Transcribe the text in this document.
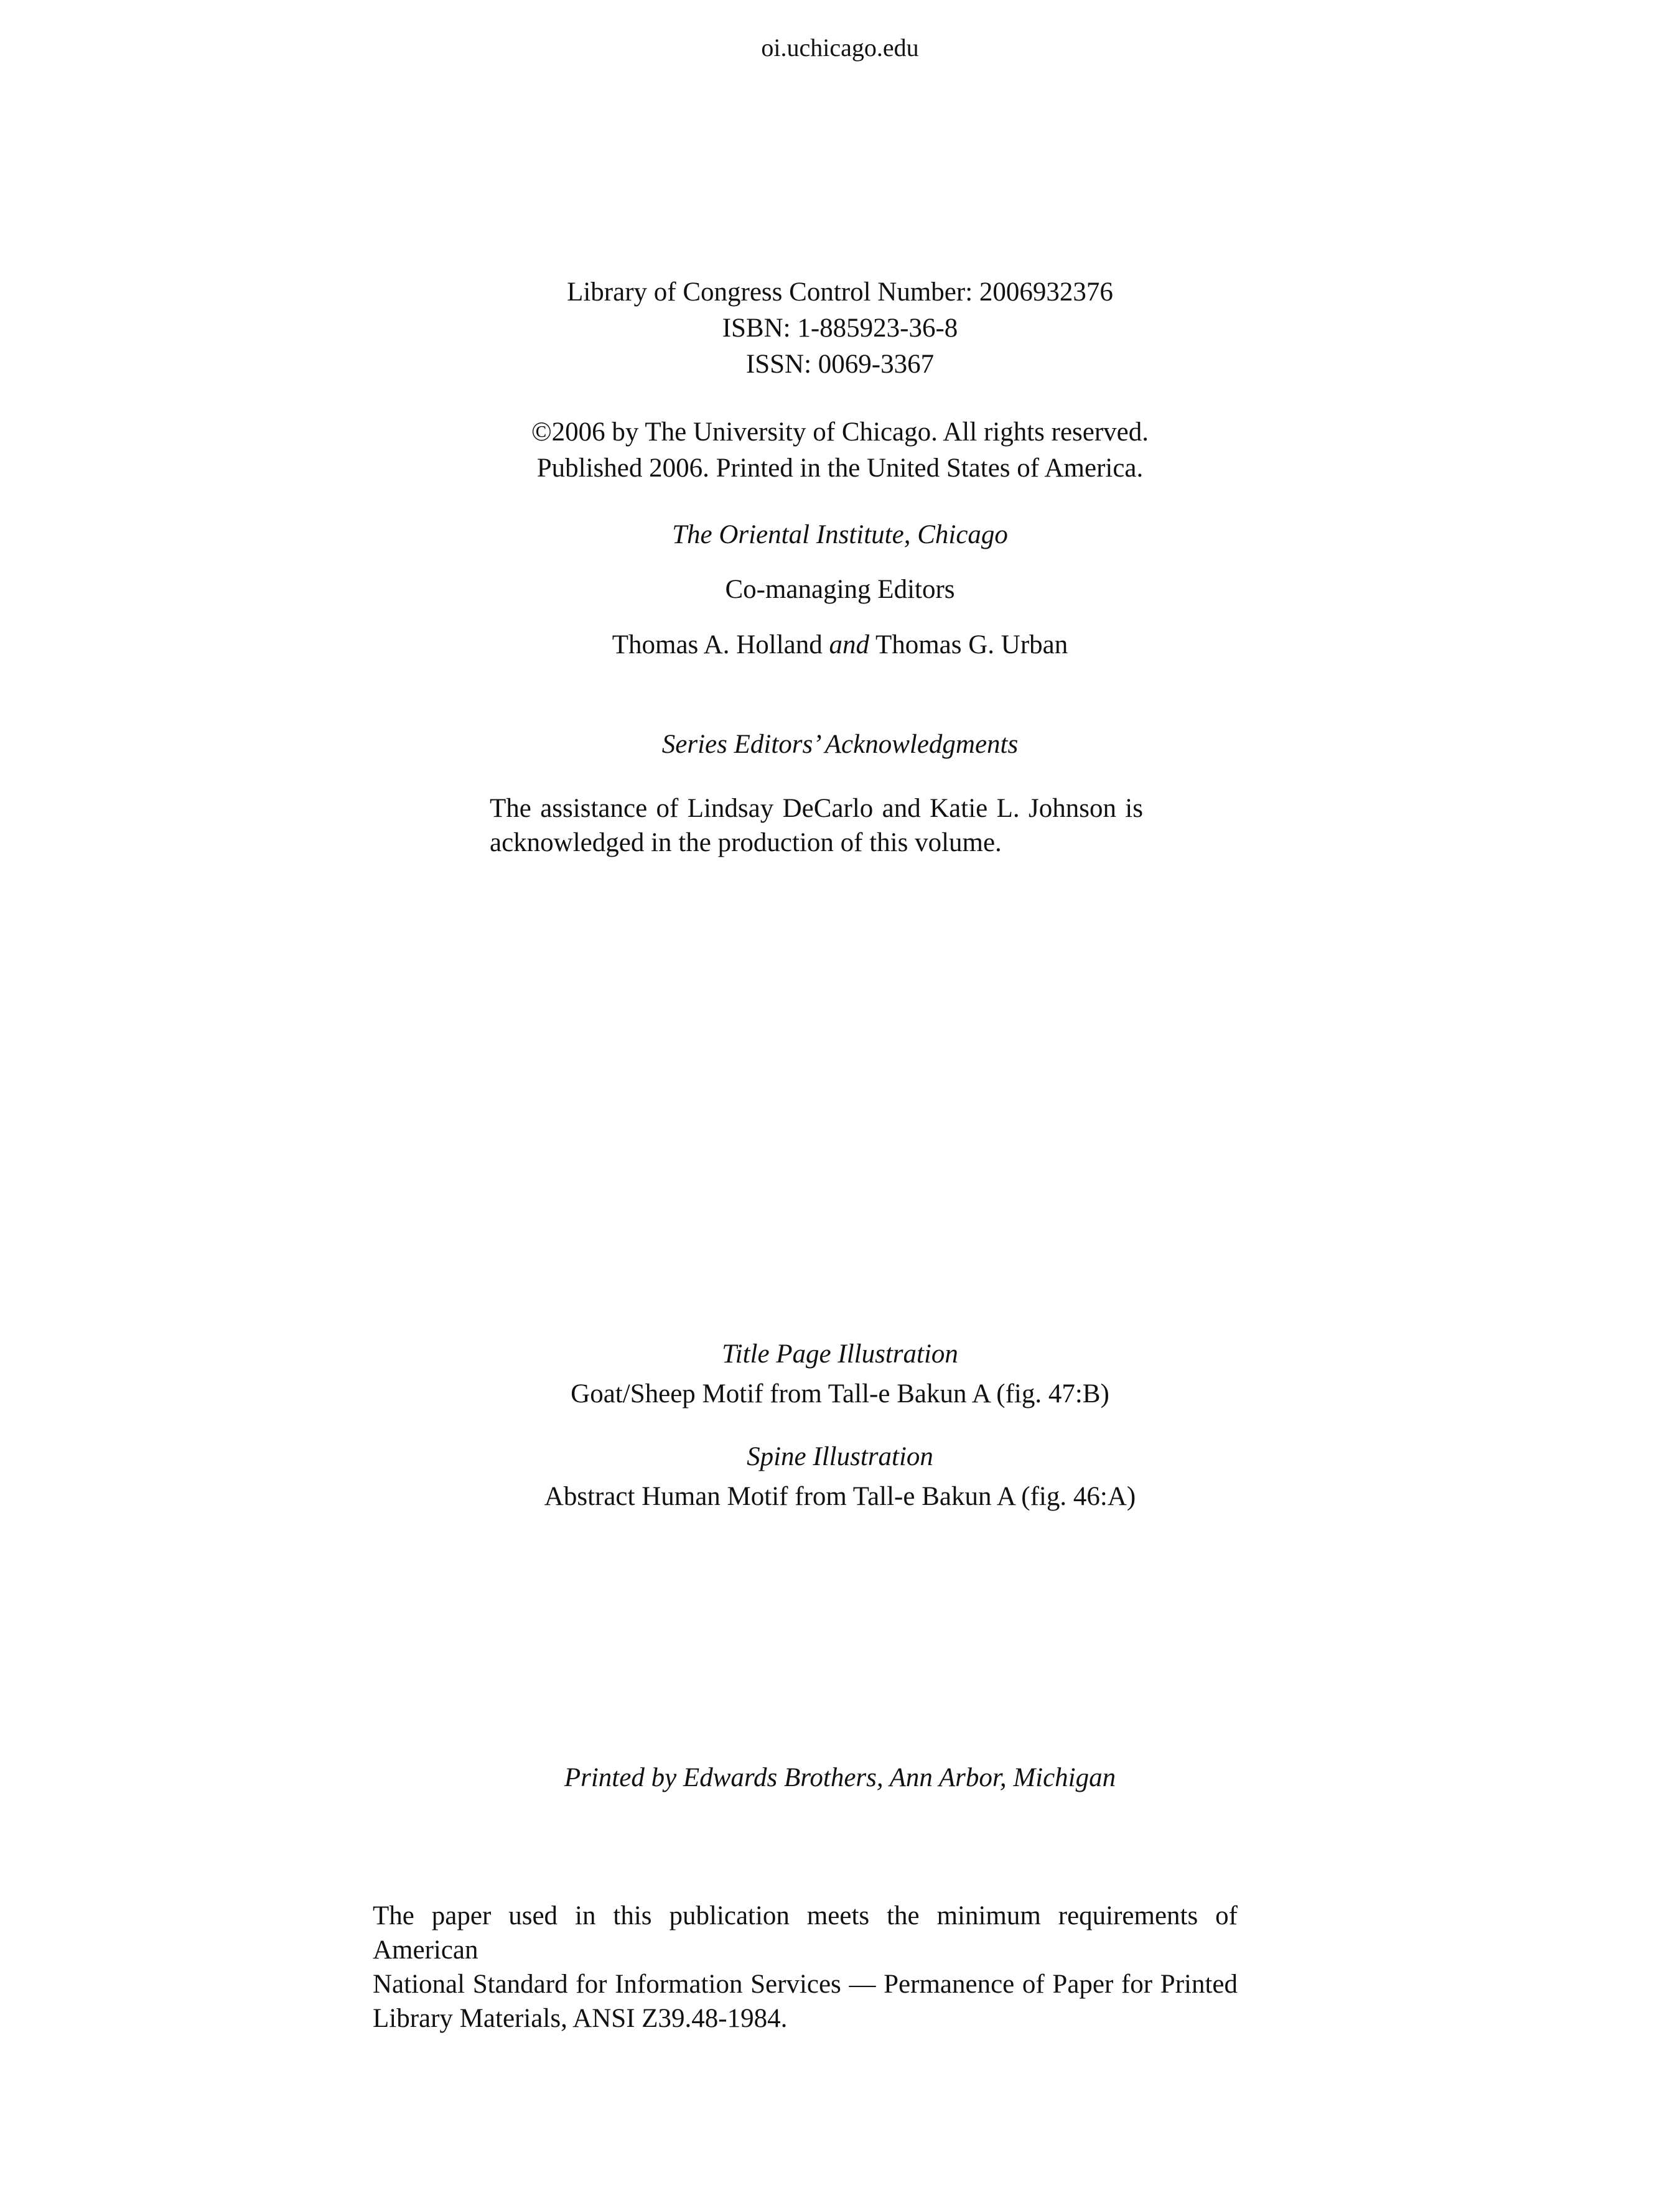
oi.uchicago.edu
Library of Congress Control Number: 2006932376
ISBN: 1-885923-36-8
ISSN: 0069-3367
©2006 by The University of Chicago. All rights reserved.
Published 2006. Printed in the United States of America.
The Oriental Institute, Chicago
Co-managing Editors
Thomas A. Holland and Thomas G. Urban
Series Editors’ Acknowledgments
The assistance of Lindsay DeCarlo and Katie L. Johnson is
acknowledged in the production of this volume.
Title Page Illustration
Goat/Sheep Motif from Tall-e Bakun A (fig. 47:B)
Spine Illustration
Abstract Human Motif from Tall-e Bakun A (fig. 46:A)
Printed by Edwards Brothers, Ann Arbor, Michigan
The paper used in this publication meets the minimum requirements of American
National Standard for Information Services — Permanence of Paper for Printed
Library Materials, ANSI Z39.48-1984.
